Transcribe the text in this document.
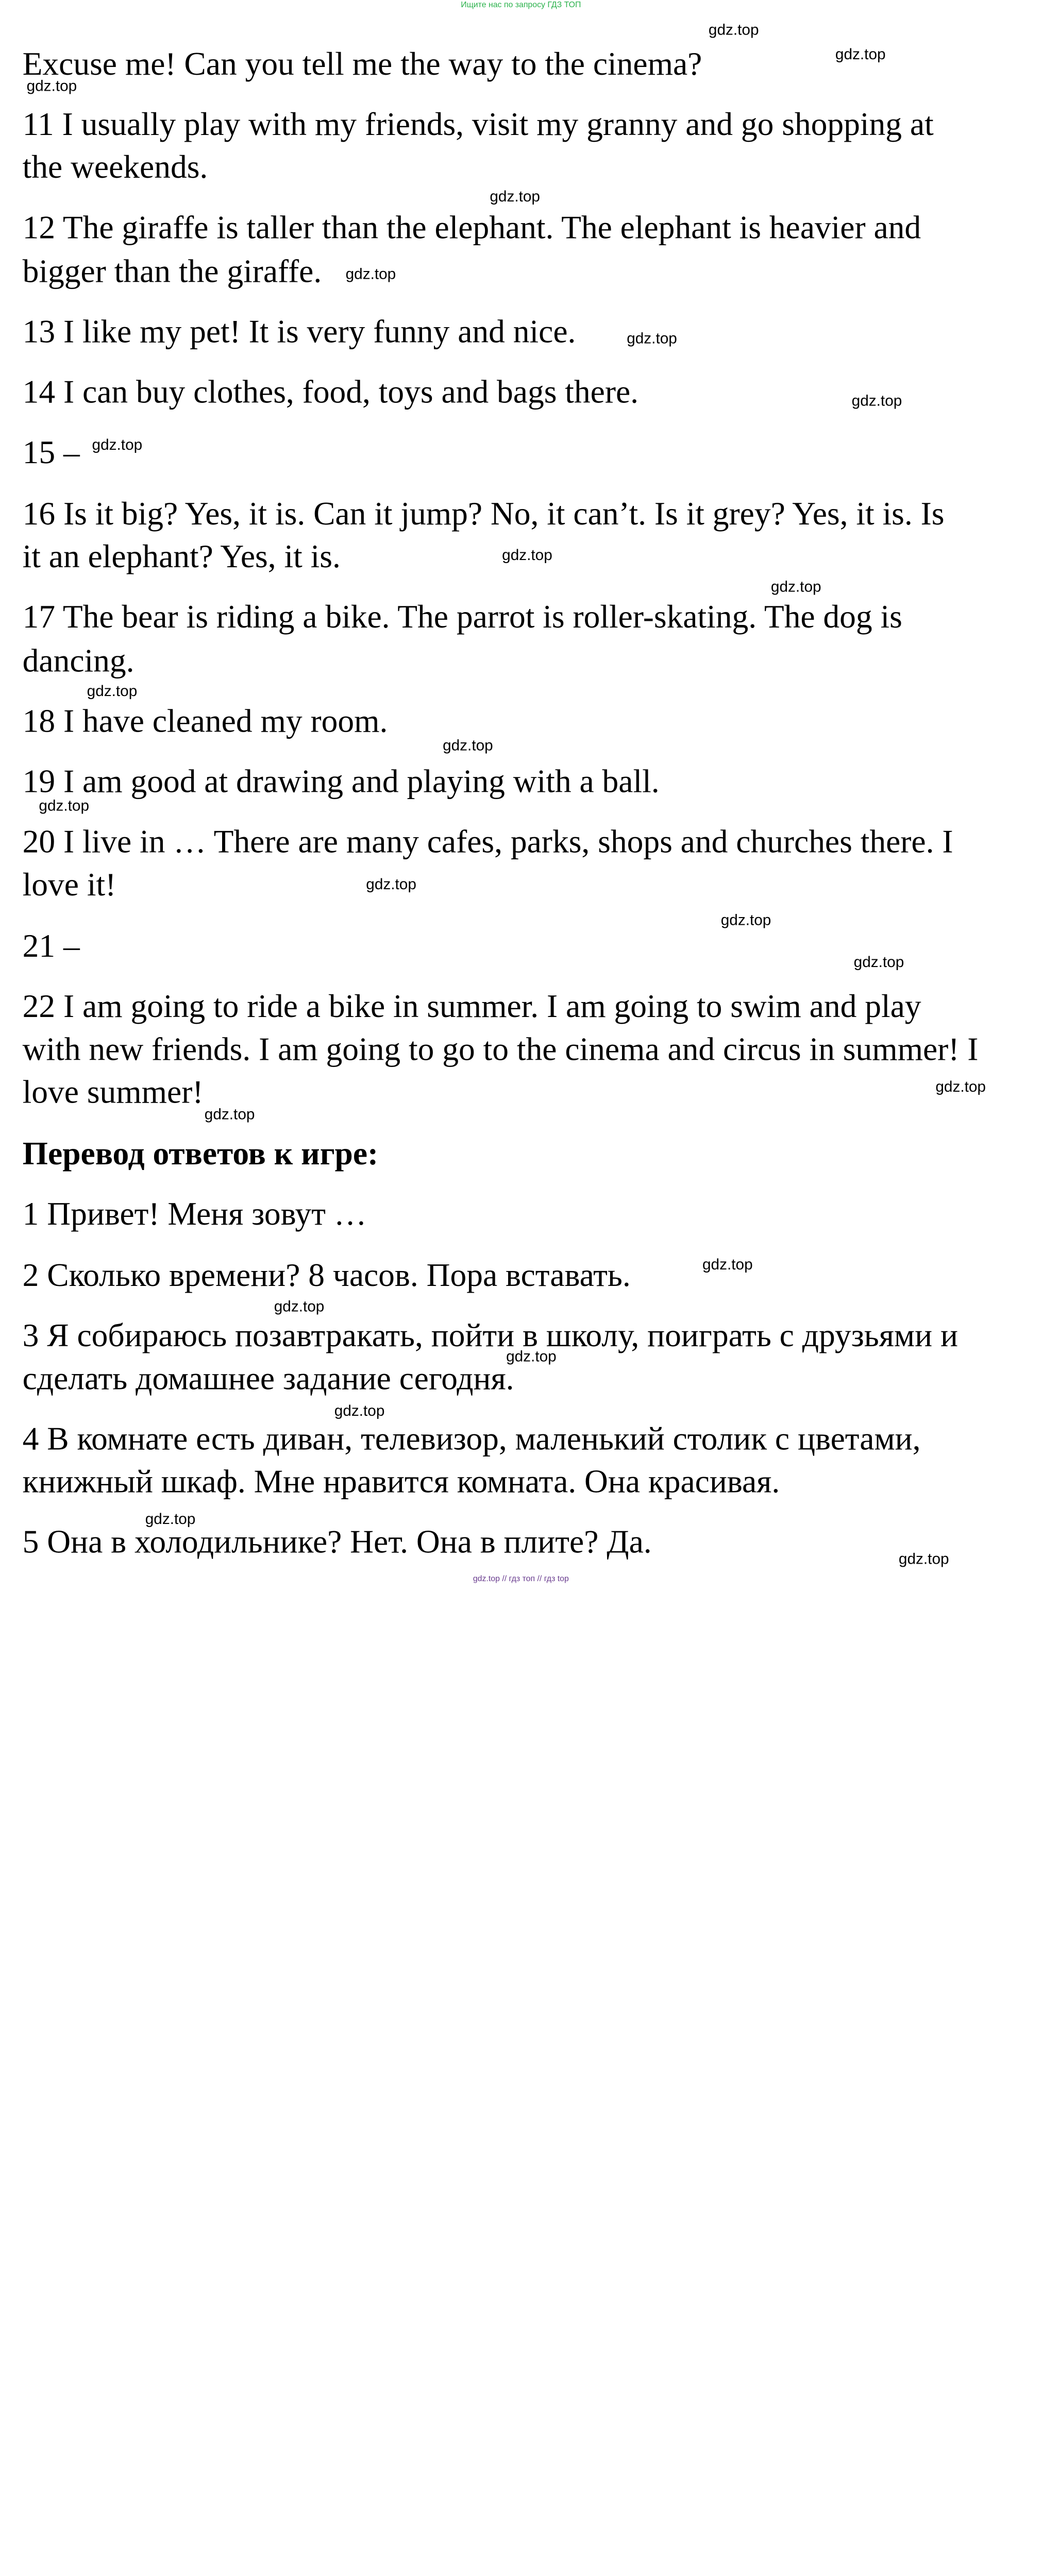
Ищите нас по запросу ГДЗ ТОП
Excuse me! Can you tell me the way to the cinema?
11 I usually play with my friends, visit my granny and go shopping at
the weekends.
12 The giraffe is taller than the elephant. The elephant is heavier and
bigger than the giraffe.
13 I like my pet! It is very funny and nice.
14 I can buy clothes, food, toys and bags there.
15 –
16 Is it big? Yes, it is. Can it jump? No, it can’t. Is it grey? Yes, it is. Is
it an elephant? Yes, it is.
17 The bear is riding a bike. The parrot is roller-skating. The dog is
dancing.
18 I have cleaned my room.
19 I am good at drawing and playing with a ball.
20 I live in … There are many cafes, parks, shops and churches there. I
love it!
21 –
22 I am going to ride a bike in summer. I am going to swim and play
with new friends. I am going to go to the cinema and circus in summer! I
love summer!
Перевод ответов к игре:
1 Привет! Меня зовут …
2 Сколько времени? 8 часов. Пора вставать.
3 Я собираюсь позавтракать, пойти в школу, поиграть с друзьями и
сделать домашнее задание сегодня.
4 В комнате есть диван, телевизор, маленький столик с цветами,
книжный шкаф. Мне нравится комната. Она красивая.
5 Она в холодильнике? Нет. Она в плите? Да.
gdz.top
gdz.top
gdz.top
gdz.top
gdz.top
gdz.top
gdz.top
gdz.top
gdz.top
gdz.top
gdz.top
gdz.top
gdz.top
gdz.top
gdz.top
gdz.top
gdz.top
gdz.top
gdz.top
gdz.top
gdz.top
gdz.top
gdz.top
gdz.top
gdz.top // гдз топ // гдз top
